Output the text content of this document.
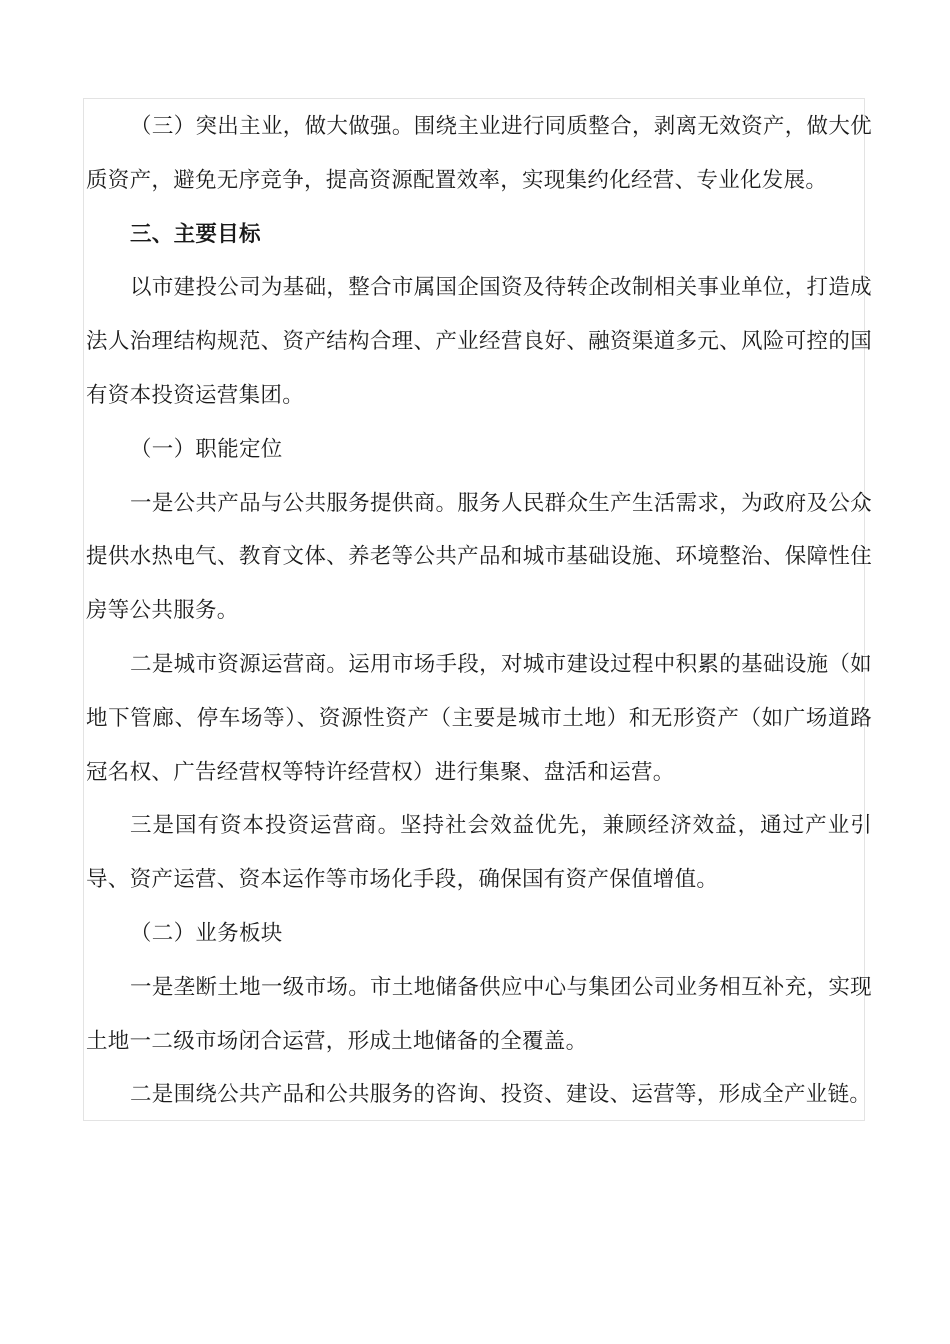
（三）突出主业，做大做强。围绕主业进行同质整合，剥离无效资产，做大优质资产，避免无序竞争，提高资源配置效率，实现集约化经营、专业化发展。

三、主要目标

以市建投公司为基础，整合市属国企国资及待转企改制相关事业单位，打造成法人治理结构规范、资产结构合理、产业经营良好、融资渠道多元、风险可控的国有资本投资运营集团。

（一）职能定位

一是公共产品与公共服务提供商。服务人民群众生产生活需求，为政府及公众提供水热电气、教育文体、养老等公共产品和城市基础设施、环境整治、保障性住房等公共服务。

二是城市资源运营商。运用市场手段，对城市建设过程中积累的基础设施（如地下管廊、停车场等）、资源性资产（主要是城市土地）和无形资产（如广场道路冠名权、广告经营权等特许经营权）进行集聚、盘活和运营。

三是国有资本投资运营商。坚持社会效益优先，兼顾经济效益，通过产业引导、资产运营、资本运作等市场化手段，确保国有资产保值增值。

（二）业务板块

一是垄断土地一级市场。市土地储备供应中心与集团公司业务相互补充，实现土地一二级市场闭合运营，形成土地储备的全覆盖。

二是围绕公共产品和公共服务的咨询、投资、建设、运营等，形成全产业链。
